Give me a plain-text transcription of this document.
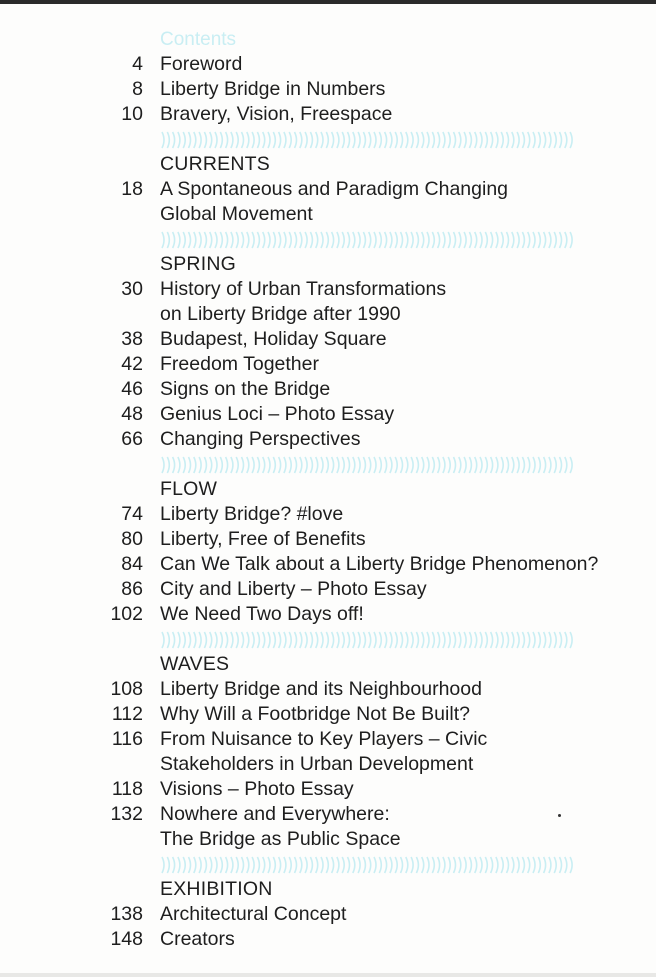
Contents
4 Foreword
8 Liberty Bridge in Numbers
10 Bravery, Vision, Freespace
CURRENTS
18 A Spontaneous and Paradigm Changing
Global Movement
SPRING
30 History of Urban Transformations
on Liberty Bridge after 1990
38 Budapest, Holiday Square
42 Freedom Together
46 Signs on the Bridge
48 Genius Loci – Photo Essay
66 Changing Perspectives
FLOW
74 Liberty Bridge? #love
80 Liberty, Free of Benefits
84 Can We Talk about a Liberty Bridge Phenomenon?
86 City and Liberty – Photo Essay
102 We Need Two Days off!
WAVES
108 Liberty Bridge and its Neighbourhood
112 Why Will a Footbridge Not Be Built?
116 From Nuisance to Key Players – Civic
Stakeholders in Urban Development
118 Visions – Photo Essay
132 Nowhere and Everywhere:
The Bridge as Public Space
EXHIBITION
138 Architectural Concept
148 Creators
